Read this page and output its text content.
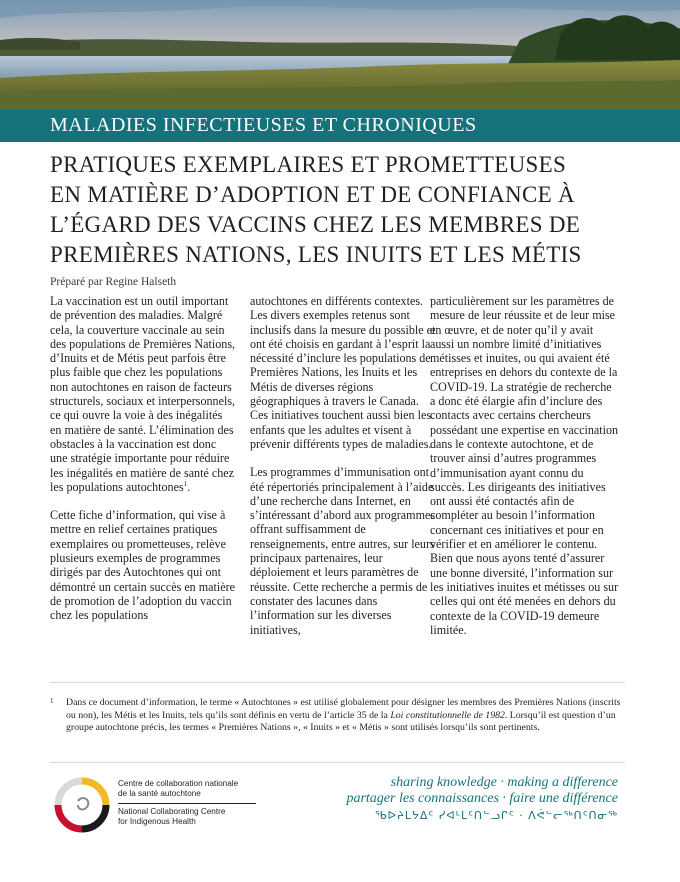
MALADIES INFECTIEUSES ET CHRONIQUES
PRATIQUES EXEMPLAIRES ET PROMETTEUSES
EN MATIÈRE D’ADOPTION ET DE CONFIANCE À
L’ÉGARD DES VACCINS CHEZ LES MEMBRES DE
PREMIÈRES NATIONS, LES INUITS ET LES MÉTIS
Préparé par Regine Halseth

La vaccination est un outil important de prévention des maladies. Malgré cela, la couverture vaccinale au sein des populations de Premières Nations, d’Inuits et de Métis peut parfois être plus faible que chez les populations non autochtones en raison de facteurs structurels, sociaux et interpersonnels, ce qui ouvre la voie à des inégalités en matière de santé. L’élimination des obstacles à la vaccination est donc une stratégie importante pour réduire les inégalités en matière de santé chez les populations autochtones$^1$.

Cette fiche d’information, qui vise à mettre en relief certaines pratiques exemplaires ou prometteuses, relève plusieurs exemples de programmes dirigés par des Autochtones qui ont démontré un certain succès en matière de promotion de l’adoption du vaccin chez les populations

autochtones en différents contextes. Les divers exemples retenus sont inclusifs dans la mesure du possible et ont été choisis en gardant à l’esprit la nécessité d’inclure les populations de Premières Nations, les Inuits et les Métis de diverses régions géographiques à travers le Canada. Ces initiatives touchent aussi bien les enfants que les adultes et visent à prévenir différents types de maladies.

Les programmes d’immunisation ont été répertoriés principalement à l’aide d’une recherche dans Internet, en s’intéressant d’abord aux programmes offrant suffisamment de renseignements, entre autres, sur leurs principaux partenaires, leur déploiement et leurs paramètres de réussite. Cette recherche a permis de constater des lacunes dans l’information sur les diverses initiatives,

particulièrement sur les paramètres de mesure de leur réussite et de leur mise en œuvre, et de noter qu’il y avait aussi un nombre limité d’initiatives métisses et inuites, ou qui avaient été entreprises en dehors du contexte de la COVID-19. La stratégie de recherche a donc été élargie afin d’inclure des contacts avec certains chercheurs possédant une expertise en vaccination dans le contexte autochtone, et de trouver ainsi d’autres programmes d’immunisation ayant connu du succès. Les dirigeants des initiatives ont aussi été contactés afin de compléter au besoin l’information concernant ces initiatives et pour en vérifier et en améliorer le contenu. Bien que nous ayons tenté d’assurer une bonne diversité, l’information sur les initiatives inuites et métisses ou sur celles qui ont été menées en dehors du contexte de la COVID-19 demeure limitée.

1 Dans ce document d’information, le terme « Autochtones » est utilisé globalement pour désigner les membres des Premières Nations (inscrits ou non), les Métis et les Inuits, tels qu’ils sont définis en vertu de l’article 35 de la Loi constitutionnelle de 1982. Lorsqu’il est question d’un groupe autochtone précis, les termes « Premières Nations », « Inuits » et « Métis » sont utilisés lorsqu’ils sont pertinents.
Centre de collaboration nationale
de la santé autochtone
National Collaborating Centre
for Indigenous Health
sharing knowledge · making a difference
partager les connaissances · faire une différence
ᖃᐅᔨᒪᔭᐃᑦ ᓯᐊᒻᒪᑦᑎᓪᓗᒋᑦ · ᐱᕚᓪᓕᖅᑎᑦᑎᓂᖅ
